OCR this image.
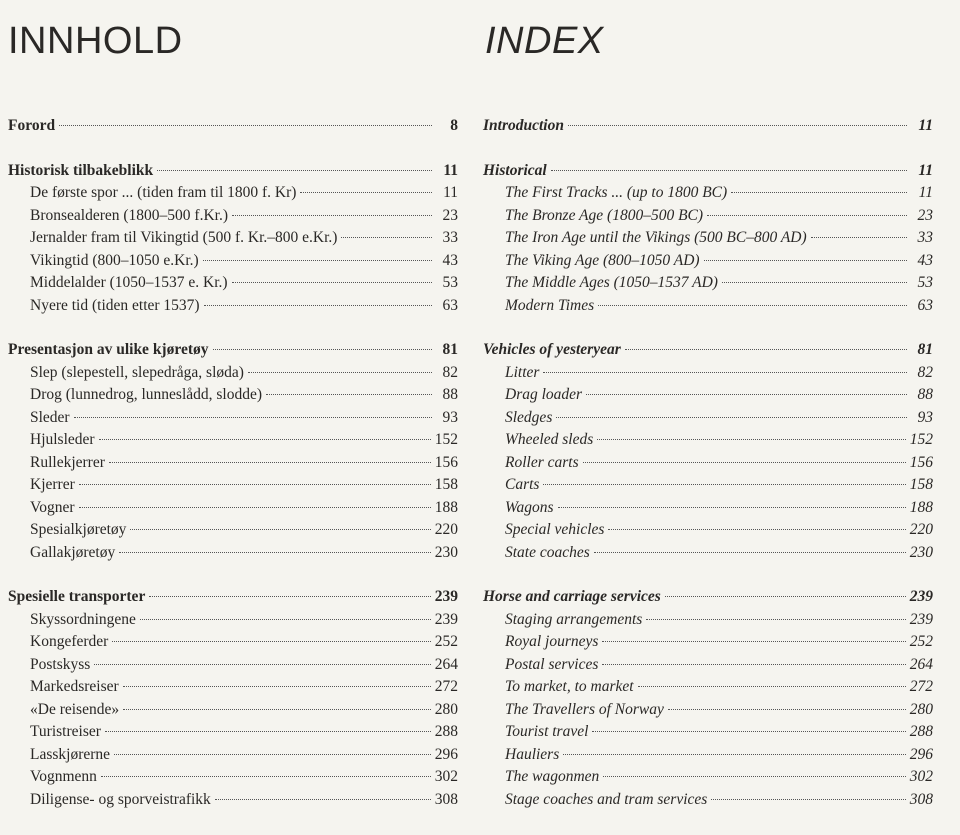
INNHOLD
Forord	8
Historisk tilbakeblikk	11
De første spor ... (tiden fram til 1800 f. Kr)	11
Bronsealderen (1800–500 f.Kr.)	23
Jernalder fram til Vikingtid (500 f. Kr.–800 e.Kr.)	33
Vikingtid (800–1050 e.Kr.)	43
Middelalder (1050–1537 e. Kr.)	53
Nyere tid (tiden etter 1537)	63
Presentasjon av ulike kjøretøy	81
Slep (slepestell, slepedråga, sløda)	82
Drog (lunnedrog, lunneslådd, slodde)	88
Sleder	93
Hjulsleder	152
Rullekjerrer	156
Kjerrer	158
Vogner	188
Spesialkjøretøy	220
Gallakjøretøy	230
Spesielle transporter	239
Skyssordningene	239
Kongeferder	252
Postskyss	264
Markedsreiser	272
«De reisende»	280
Turistreiser	288
Lasskjørerne	296
Vognmenn	302
Diligense- og sporveistrafikk	308
INDEX
Introduction	11
Historical	11
The First Tracks ... (up to 1800 BC)	11
The Bronze Age (1800–500 BC)	23
The Iron Age until the Vikings (500 BC–800 AD)	33
The Viking Age (800–1050 AD)	43
The Middle Ages (1050–1537 AD)	53
Modern Times	63
Vehicles of yesteryear	81
Litter	82
Drag loader	88
Sledges	93
Wheeled sleds	152
Roller carts	156
Carts	158
Wagons	188
Special vehicles	220
State coaches	230
Horse and carriage services	239
Staging arrangements	239
Royal journeys	252
Postal services	264
To market, to market	272
The Travellers of Norway	280
Tourist travel	288
Hauliers	296
The wagonmen	302
Stage coaches and tram services	308
